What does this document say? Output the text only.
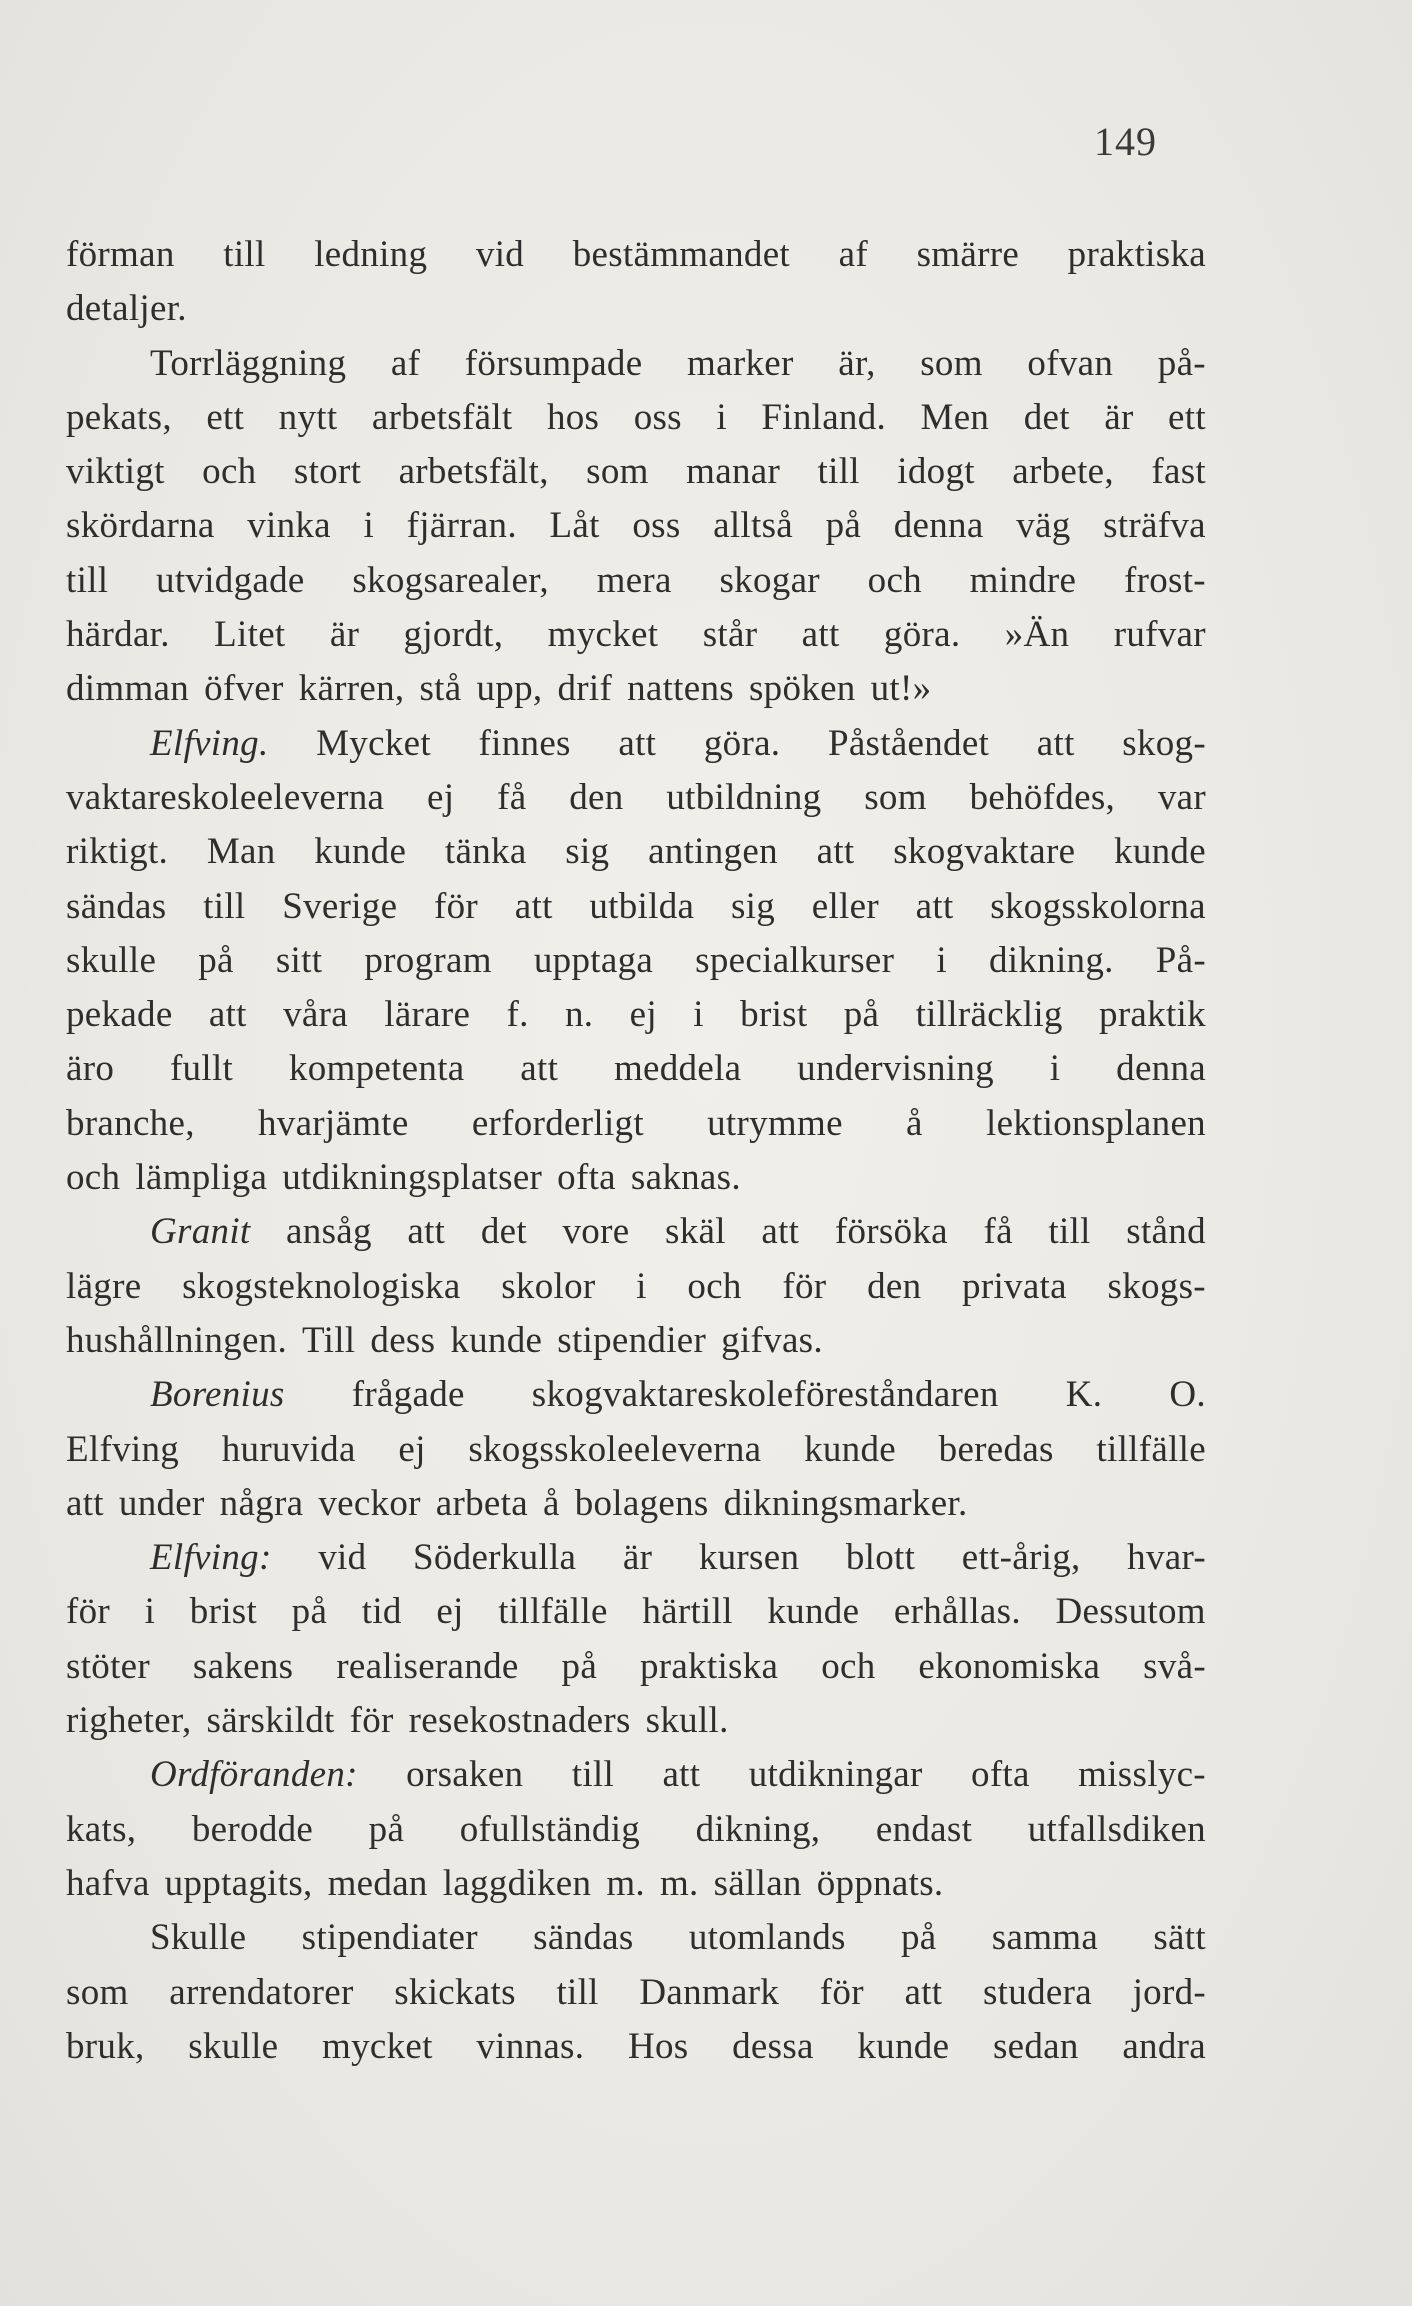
149
förman till ledning vid bestämmandet af smärre praktiska
detaljer.
Torrläggning af försumpade marker är, som ofvan på-
pekats, ett nytt arbetsfält hos oss i Finland. Men det är ett
viktigt och stort arbetsfält, som manar till idogt arbete, fast
skördarna vinka i fjärran. Låt oss alltså på denna väg sträfva
till utvidgade skogsarealer, mera skogar och mindre frost-
härdar. Litet är gjordt, mycket står att göra. »Än rufvar
dimman öfver kärren, stå upp, drif nattens spöken ut!»
Elfving. Mycket finnes att göra. Påståendet att skog-
vaktareskoleeleverna ej få den utbildning som behöfdes, var
riktigt. Man kunde tänka sig antingen att skogvaktare kunde
sändas till Sverige för att utbilda sig eller att skogsskolorna
skulle på sitt program upptaga specialkurser i dikning. På-
pekade att våra lärare f. n. ej i brist på tillräcklig praktik
äro fullt kompetenta att meddela undervisning i denna
branche, hvarjämte erforderligt utrymme å lektionsplanen
och lämpliga utdikningsplatser ofta saknas.
Granit ansåg att det vore skäl att försöka få till stånd
lägre skogsteknologiska skolor i och för den privata skogs-
hushållningen. Till dess kunde stipendier gifvas.
Borenius frågade skogvaktareskoleföreståndaren K. O.
Elfving huruvida ej skogsskoleeleverna kunde beredas tillfälle
att under några veckor arbeta å bolagens dikningsmarker.
Elfving: vid Söderkulla är kursen blott ett-årig, hvar-
för i brist på tid ej tillfälle härtill kunde erhållas. Dessutom
stöter sakens realiserande på praktiska och ekonomiska svå-
righeter, särskildt för resekostnaders skull.
Ordföranden: orsaken till att utdikningar ofta misslyc-
kats, berodde på ofullständig dikning, endast utfallsdiken
hafva upptagits, medan laggdiken m. m. sällan öppnats.
Skulle stipendiater sändas utomlands på samma sätt
som arrendatorer skickats till Danmark för att studera jord-
bruk, skulle mycket vinnas. Hos dessa kunde sedan andra
